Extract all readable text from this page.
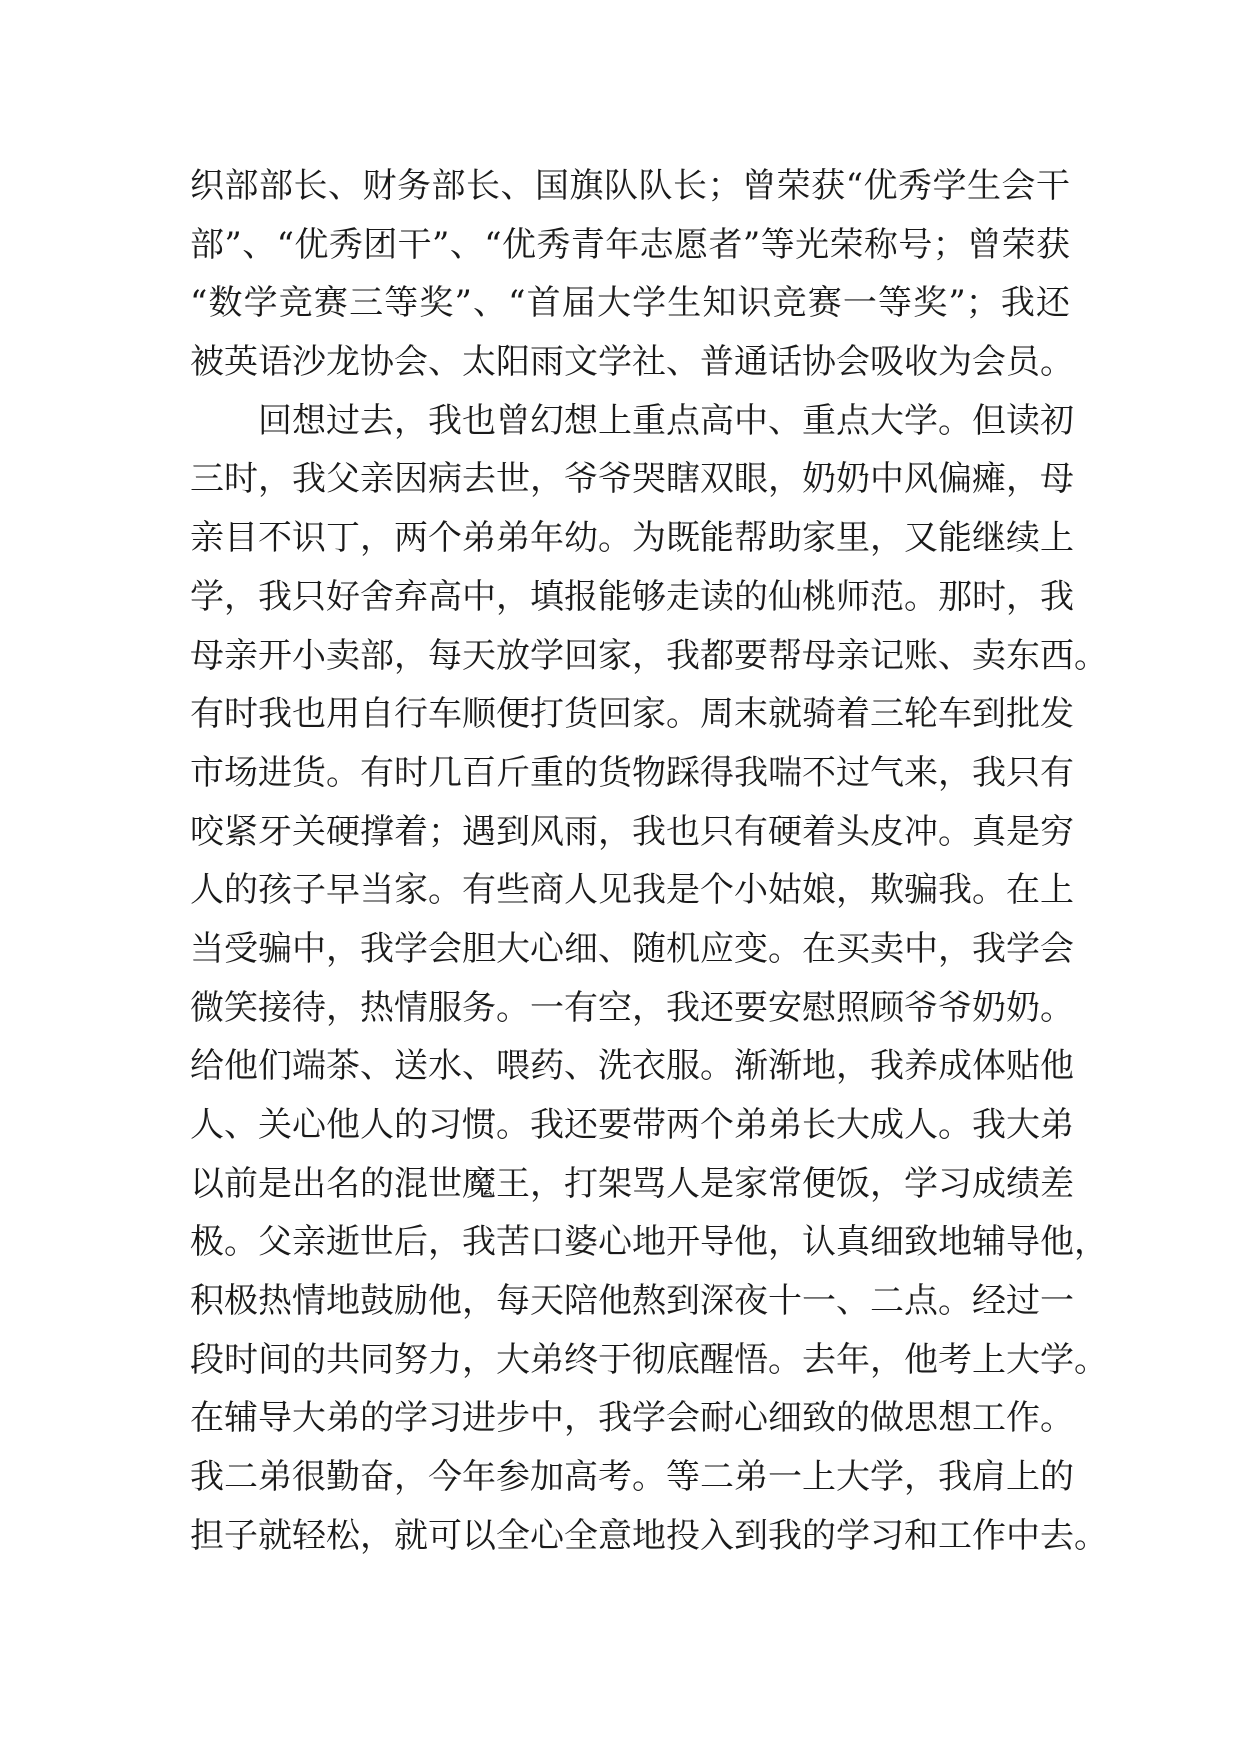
织部部长、财务部长、国旗队队长；曾荣获“优秀学生会干
部”、“优秀团干”、“优秀青年志愿者”等光荣称号；曾荣获
“数学竞赛三等奖”、“首届大学生知识竞赛一等奖”；我还
被英语沙龙协会、太阳雨文学社、普通话协会吸收为会员。
回想过去，我也曾幻想上重点高中、重点大学。但读初
三时，我父亲因病去世，爷爷哭瞎双眼，奶奶中风偏瘫，母
亲目不识丁，两个弟弟年幼。为既能帮助家里，又能继续上
学，我只好舍弃高中，填报能够走读的仙桃师范。那时，我
母亲开小卖部，每天放学回家，我都要帮母亲记账、卖东西。
有时我也用自行车顺便打货回家。周末就骑着三轮车到批发
市场进货。有时几百斤重的货物踩得我喘不过气来，我只有
咬紧牙关硬撑着；遇到风雨，我也只有硬着头皮冲。真是穷
人的孩子早当家。有些商人见我是个小姑娘，欺骗我。在上
当受骗中，我学会胆大心细、随机应变。在买卖中，我学会
微笑接待，热情服务。一有空，我还要安慰照顾爷爷奶奶。
给他们端茶、送水、喂药、洗衣服。渐渐地，我养成体贴他
人、关心他人的习惯。我还要带两个弟弟长大成人。我大弟
以前是出名的混世魔王，打架骂人是家常便饭，学习成绩差
极。父亲逝世后，我苦口婆心地开导他，认真细致地辅导他，
积极热情地鼓励他，每天陪他熬到深夜十一、二点。经过一
段时间的共同努力，大弟终于彻底醒悟。去年，他考上大学。
在辅导大弟的学习进步中，我学会耐心细致的做思想工作。
我二弟很勤奋，今年参加高考。等二弟一上大学，我肩上的
担子就轻松，就可以全心全意地投入到我的学习和工作中去。
